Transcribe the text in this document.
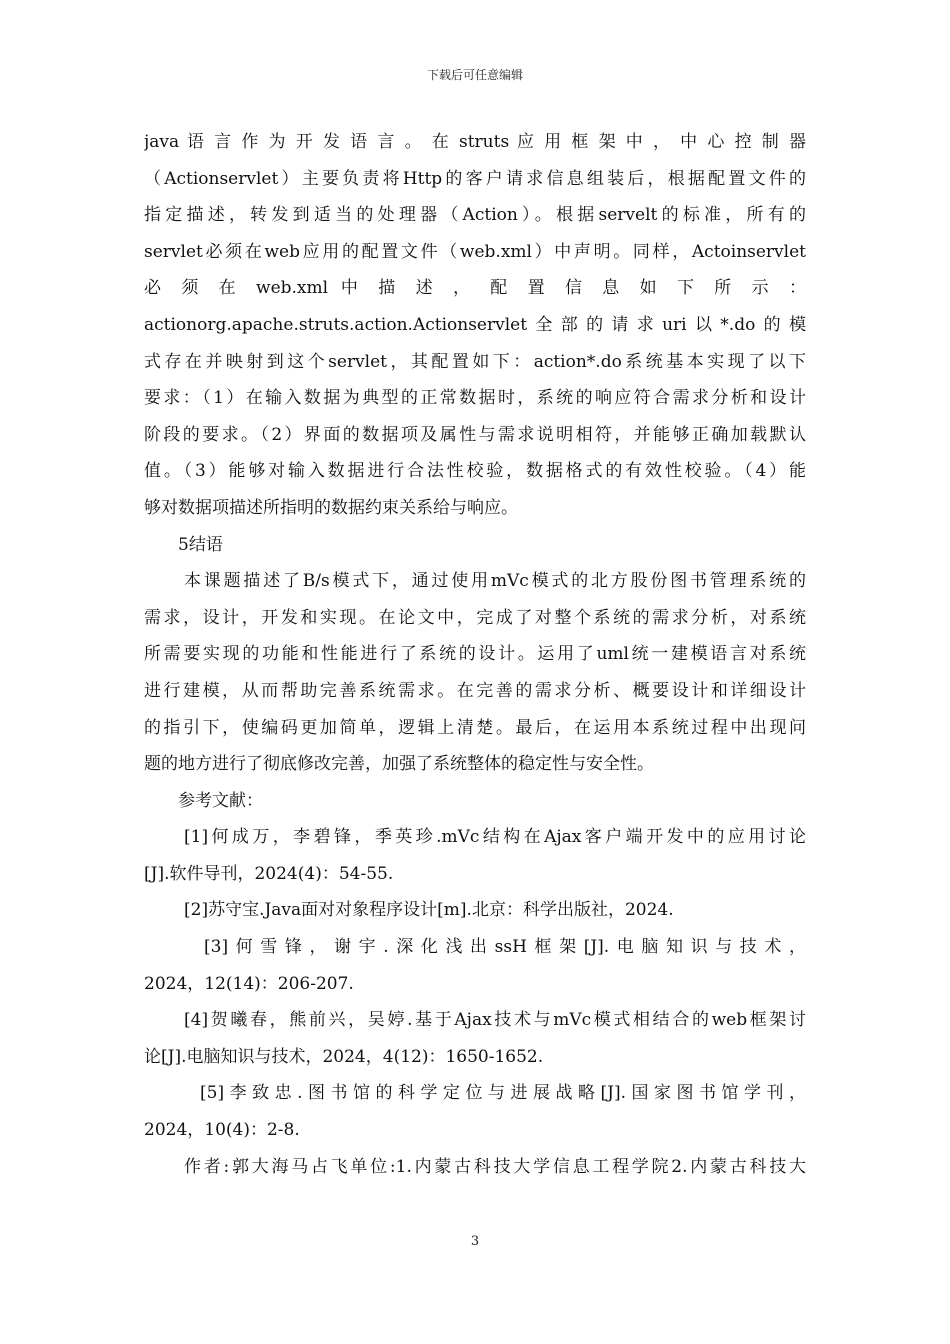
下载后可任意编辑
java 语 言 作 为 开 发 语 言 。 在 struts 应 用 框 架 中 ， 中 心 控 制 器
（Actionservlet）主要负责将Http的客户请求信息组装后，根据配置文件的
指定描述，转发到适当的处理器（Action）。根据servelt的标准，所有的
servlet必须在web应用的配置文件（web.xml）中声明。同样，Actoinservlet
必 须 在 web.xml 中 描 述 ， 配 置 信 息 如 下 所 示 ：
actionorg.apache.struts.action.Actionservlet全部的请求uri以*.do的模
式存在并映射到这个servlet，其配置如下：action*.do系统基本实现了以下
要求：（1）在输入数据为典型的正常数据时，系统的响应符合需求分析和设计
阶段的要求。（2）界面的数据项及属性与需求说明相符，并能够正确加载默认
值。（3）能够对输入数据进行合法性校验，数据格式的有效性校验。（4）能
够对数据项描述所指明的数据约束关系给与响应。
5结语
本课题描述了B/s模式下，通过使用mVc模式的北方股份图书管理系统的
需求，设计，开发和实现。在论文中，完成了对整个系统的需求分析，对系统
所需要实现的功能和性能进行了系统的设计。运用了uml统一建模语言对系统
进行建模，从而帮助完善系统需求。在完善的需求分析、概要设计和详细设计
的指引下，使编码更加简单，逻辑上清楚。最后，在运用本系统过程中出现问
题的地方进行了彻底修改完善，加强了系统整体的稳定性与安全性。
参考文献：
[1]何成万，李碧锋，季英珍.mVc结构在Ajax客户端开发中的应用讨论
[J].软件导刊，2024(4)：54-55.
[2]苏守宝.Java面对对象程序设计[m].北京：科学出版社，2024.
[3]何雪锋，谢宇.深化浅出ssH框架[J].电脑知识与技术，
2024，12(14)：206-207.
[4]贺曦春，熊前兴，吴婷.基于Ajax技术与mVc模式相结合的web框架讨
论[J].电脑知识与技术，2024，4(12)：1650-1652.
[5]李致忠.图书馆的科学定位与进展战略[J].国家图书馆学刊，
2024，10(4)：2-8.
作者:郭大海马占飞单位:1.内蒙古科技大学信息工程学院2.内蒙古科技大
3
